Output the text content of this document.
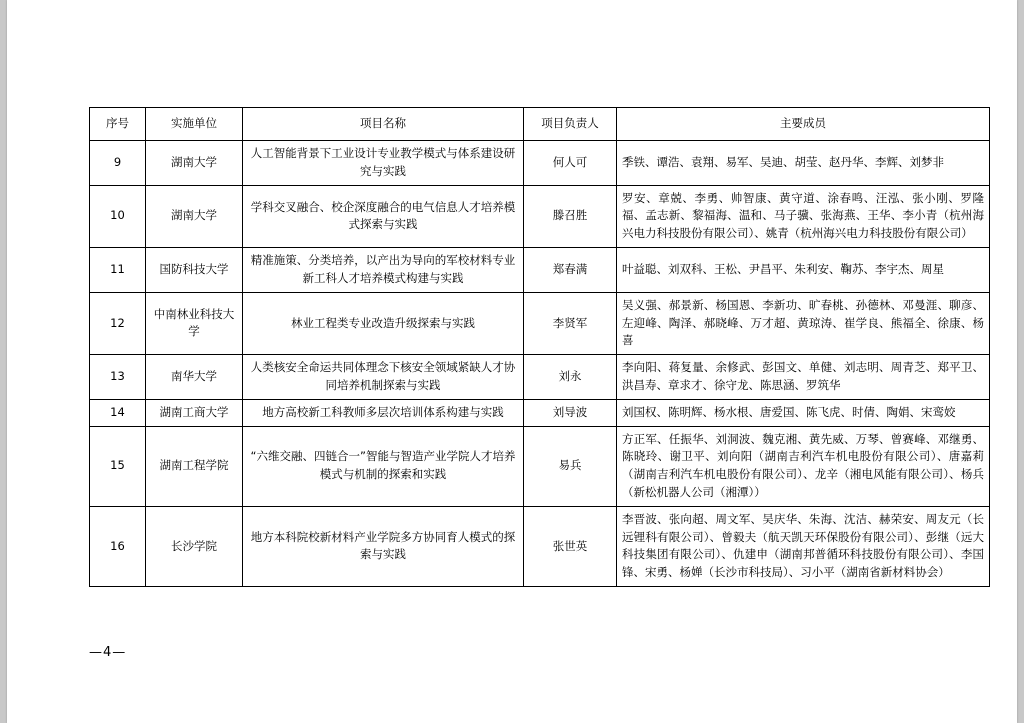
序号	实施单位	项目名称	项目负责人	主要成员
9	湖南大学	人工智能背景下工业设计专业教学模式与体系建设研究与实践	何人可	季铁、谭浩、袁翔、易军、吴迪、胡莹、赵丹华、李辉、刘梦非
10	湖南大学	学科交叉融合、校企深度融合的电气信息人才培养模式探索与实践	滕召胜	罗安、章兢、李勇、帅智康、黄守道、涂春鸣、汪泓、张小刚、罗隆福、孟志新、黎福海、温和、马子骥、张海燕、王华、李小青（杭州海兴电力科技股份有限公司）、姚青（杭州海兴电力科技股份有限公司）
11	国防科技大学	精准施策、分类培养，以产出为导向的军校材料专业新工科人才培养模式构建与实践	郑春满	叶益聪、刘双科、王松、尹昌平、朱利安、鞠苏、李宇杰、周星
12	中南林业科技大学	林业工程类专业改造升级探索与实践	李贤军	吴义强、郝景新、杨国恩、李新功、旷春桃、孙德林、邓曼涯、聊彦、左迎峰、陶泽、郝晓峰、万才超、黄琼涛、崔学良、熊福全、徐康、杨喜
13	南华大学	人类核安全命运共同体理念下核安全领域紧缺人才协同培养机制探索与实践	刘永	李向阳、蒋复量、余修武、彭国文、单健、刘志明、周青芝、郑平卫、洪昌寿、章求才、徐守龙、陈思涵、罗筑华
14	湖南工商大学	地方高校新工科教师多层次培训体系构建与实践	刘导波	刘国权、陈明辉、杨水根、唐爱国、陈飞虎、时倩、陶娟、宋鸾姣
15	湖南工程学院	“六维交融、四链合一”智能与智造产业学院人才培养模式与机制的探索和实践	易兵	方正军、任振华、刘洞波、魏克湘、黄先威、万琴、曾赛峰、邓继勇、陈晓玲、谢卫平、刘向阳（湖南吉利汽车机电股份有限公司）、唐嘉莉（湖南吉利汽车机电股份有限公司）、龙辛（湘电风能有限公司）、杨兵（新松机器人公司（湘潭））
16	长沙学院	地方本科院校新材料产业学院多方协同育人模式的探索与实践	张世英	李晋波、张向超、周文军、吴庆华、朱海、沈洁、赫荣安、周友元（长远锂科有限公司）、曾毅夫（航天凯天环保股份有限公司）、彭继（远大科技集团有限公司）、仇建申（湖南邦普循环科技股份有限公司）、李国锋、宋勇、杨婵（长沙市科技局）、习小平（湖南省新材料协会）
—4—
